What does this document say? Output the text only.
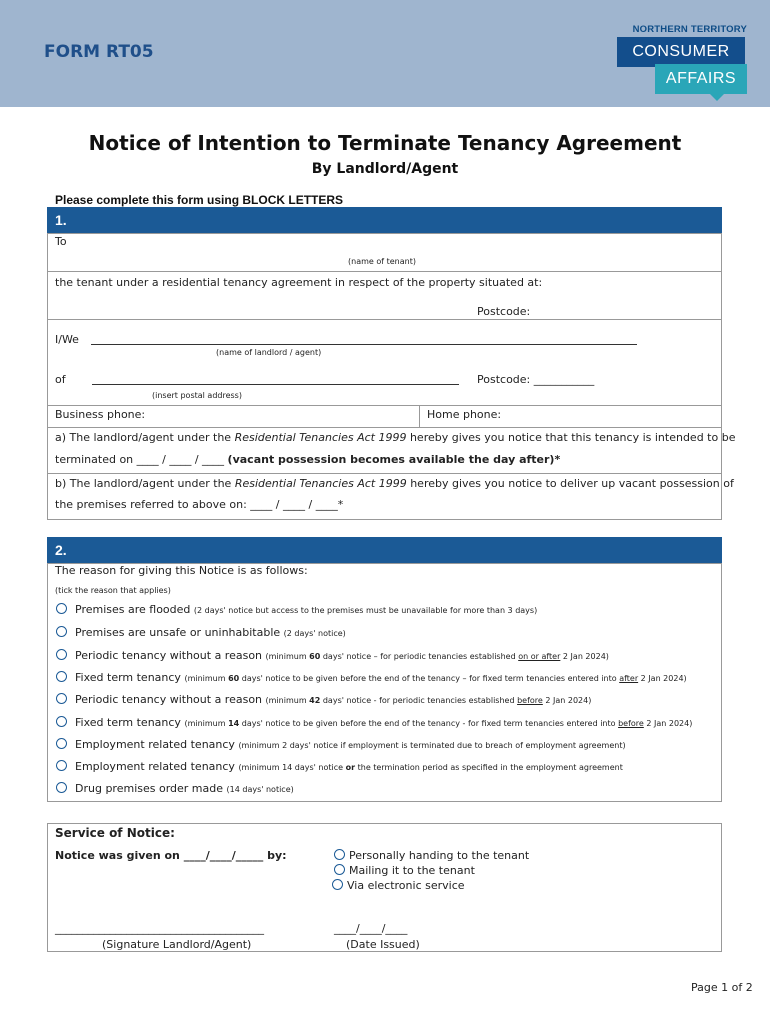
FORM RT05
NORTHERN TERRITORY
CONSUMER
AFFAIRS
Notice of Intention to Terminate Tenancy Agreement
By Landlord/Agent
Please complete this form using BLOCK LETTERS
1.
To
(name of tenant)
the tenant under a residential tenancy agreement in respect of the property situated at:
Postcode:
I/We
(name of landlord / agent)
of	Postcode: ___________
(insert postal address)
Business phone:	Home phone:
a) The landlord/agent under the Residential Tenancies Act 1999 hereby gives you notice that this tenancy is intended to be
terminated on ____ / ____ / ____ (vacant possession becomes available the day after)*
b) The landlord/agent under the Residential Tenancies Act 1999 hereby gives you notice to deliver up vacant possession of
the premises referred to above on: ____ / ____ / ____*
2.
The reason for giving this Notice is as follows:
(tick the reason that applies)
Premises are flooded (2 days' notice but access to the premises must be unavailable for more than 3 days)
Premises are unsafe or uninhabitable (2 days' notice)
Periodic tenancy without a reason (minimum 60 days' notice – for periodic tenancies established on or after 2 Jan 2024)
Fixed term tenancy (minimum 60 days' notice to be given before the end of the tenancy – for fixed term tenancies entered into after 2 Jan 2024)
Periodic tenancy without a reason (minimum 42 days' notice - for periodic tenancies established before 2 Jan 2024)
Fixed term tenancy (minimum 14 days' notice to be given before the end of the tenancy - for fixed term tenancies entered into before 2 Jan 2024)
Employment related tenancy (minimum 2 days' notice if employment is terminated due to breach of employment agreement)
Employment related tenancy (minimum 14 days' notice or the termination period as specified in the employment agreement
Drug premises order made (14 days' notice)
Service of Notice:
Notice was given on ____/____/_____ by:	Personally handing to the tenant
Mailing it to the tenant
Via electronic service
______________________________________
(Signature Landlord/Agent)
____/____/____
(Date Issued)
Page 1 of 2
